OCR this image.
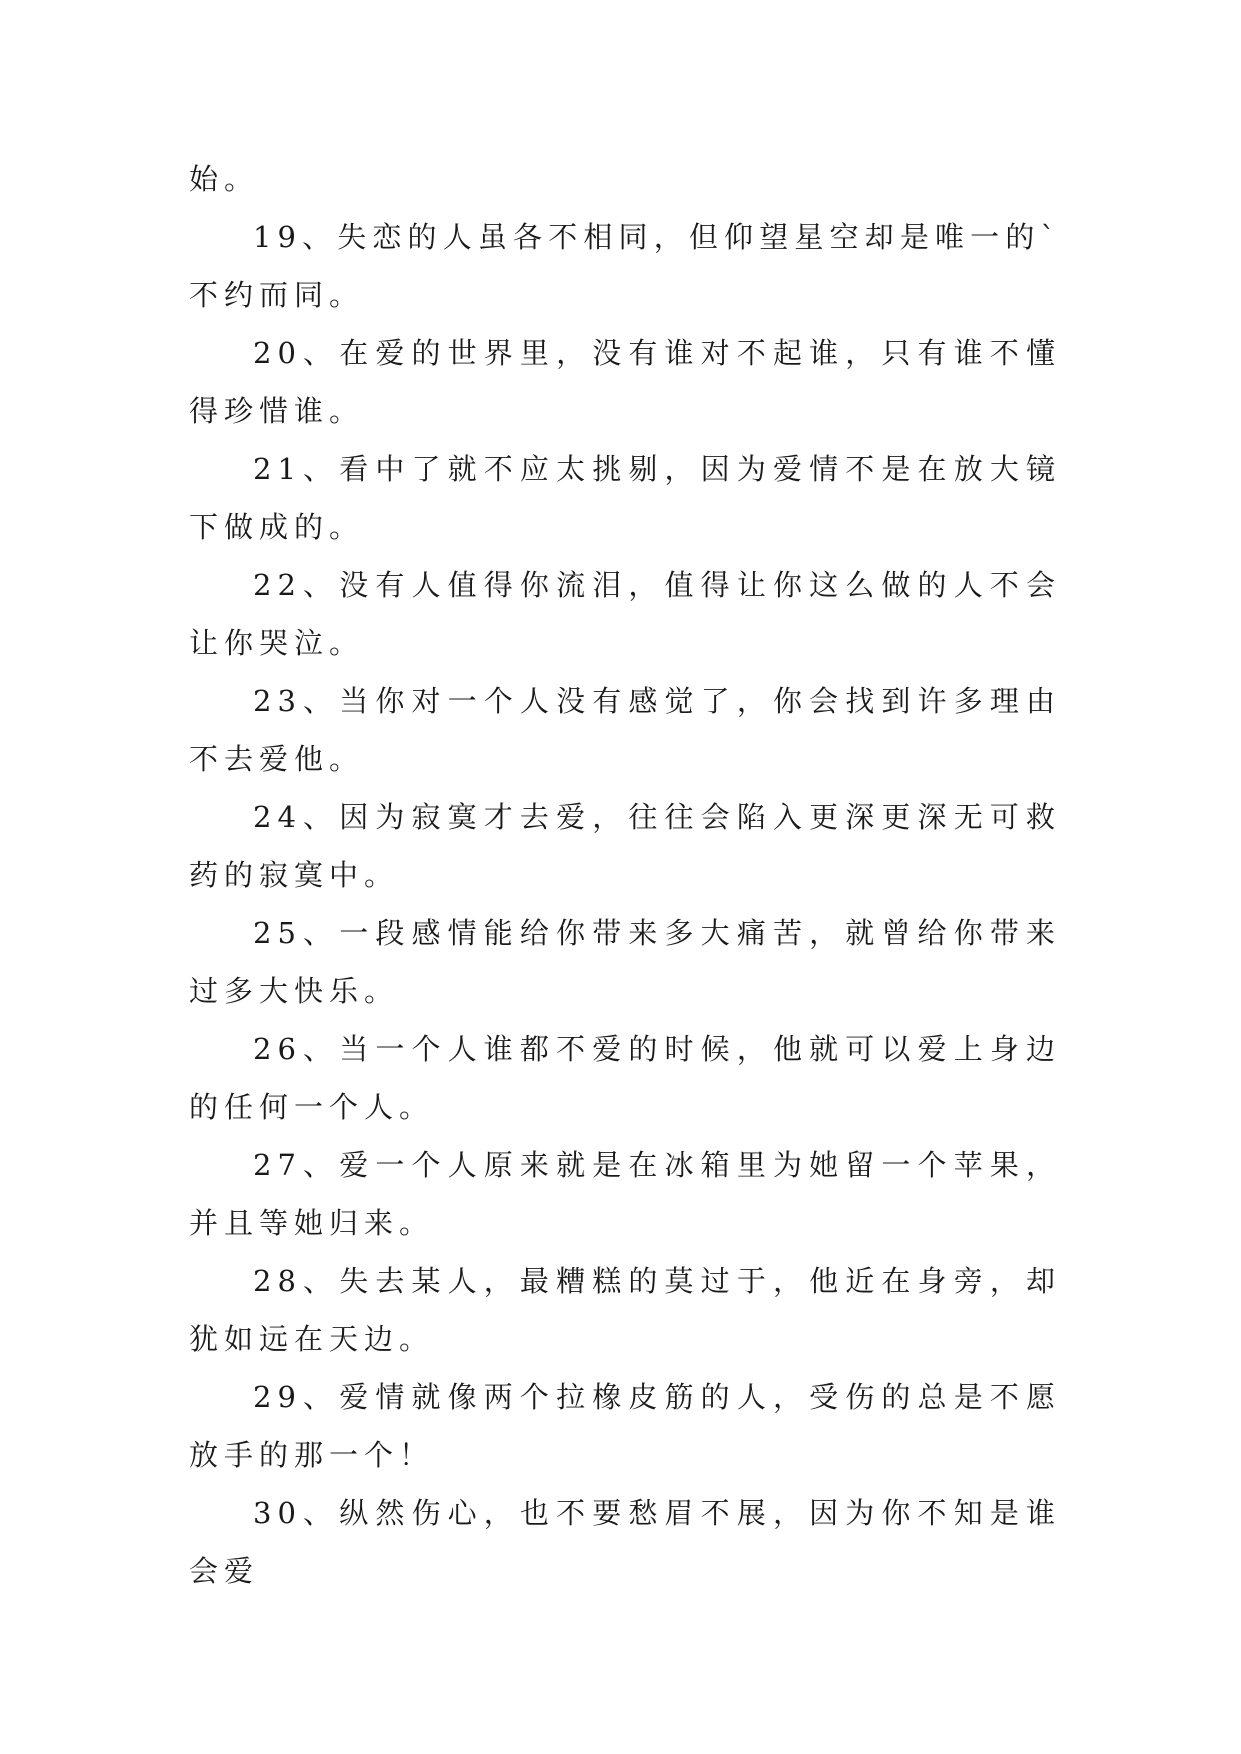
始。

19、失恋的人虽各不相同，但仰望星空却是唯一的`不约而同。

20、在爱的世界里，没有谁对不起谁，只有谁不懂得珍惜谁。

21、看中了就不应太挑剔，因为爱情不是在放大镜下做成的。

22、没有人值得你流泪，值得让你这么做的人不会让你哭泣。

23、当你对一个人没有感觉了，你会找到许多理由不去爱他。

24、因为寂寞才去爱，往往会陷入更深更深无可救药的寂寞中。

25、一段感情能给你带来多大痛苦，就曾给你带来过多大快乐。

26、当一个人谁都不爱的时候，他就可以爱上身边的任何一个人。

27、爱一个人原来就是在冰箱里为她留一个苹果，并且等她归来。

28、失去某人，最糟糕的莫过于，他近在身旁，却犹如远在天边。

29、爱情就像两个拉橡皮筋的人，受伤的总是不愿放手的那一个！

30、纵然伤心，也不要愁眉不展，因为你不知是谁会爱
